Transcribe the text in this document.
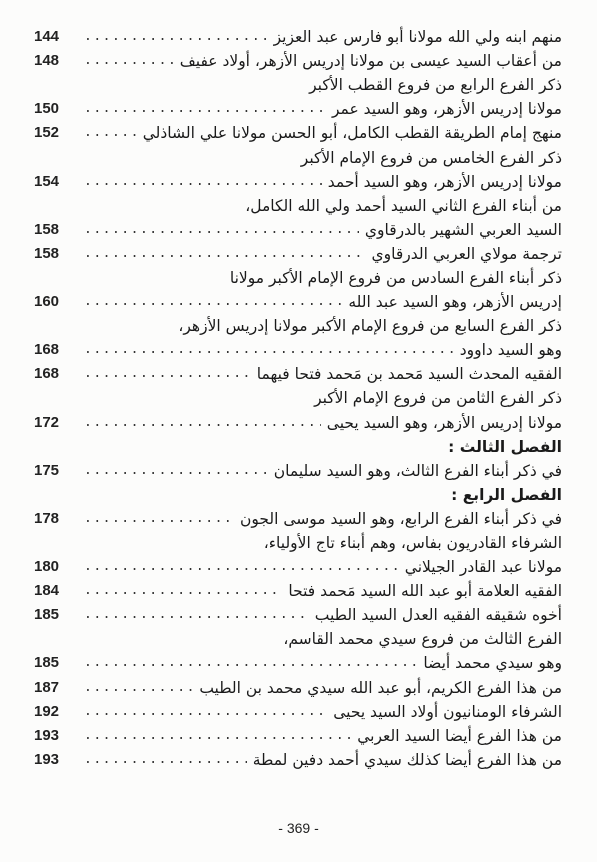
منهم ابنه ولي الله مولانا أبو فارس عبد العزيز
.....
144
من أعقاب السيد عيسى بن مولانا إدريس الأزهر، أولاد عفيف
.....
148
ذكر الفرع الرابع من فروع القطب الأكبر
مولانا إدريس الأزهر، وهو السيد عمر
.....
150
منهج إمام الطريقة القطب الكامل، أبو الحسن مولانا علي الشاذلي
.....
152
ذكر الفرع الخامس من فروع الإمام الأكبر
مولانا إدريس الأزهر، وهو السيد أحمد
.....
154
من أبناء الفرع الثاني السيد أحمد ولي الله الكامل،
السيد العربي الشهير بالدرقاوي
.....
158
ترجمة مولاي العربي الدرقاوي
.....
158
ذكر أبناء الفرع السادس من فروع الإمام الأكبر مولانا
إدريس الأزهر، وهو السيد عبد الله
.....
160
ذكر الفرع السابع من فروع الإمام الأكبر مولانا إدريس الأزهر،
وهو السيد داوود
.....
168
الفقيه المحدث السيد مَحمد بن مَحمد فتحا فيهما
.....
168
ذكر الفرع الثامن من فروع الإمام الأكبر
مولانا إدريس الأزهر، وهو السيد يحيى
.....
172
الفصل الثالث :
في ذكر أبناء الفرع الثالث، وهو السيد سليمان
.....
175
الفصل الرابع :
في ذكر أبناء الفرع الرابع، وهو السيد موسى الجون
.....
178
الشرفاء القادريون بفاس، وهم أبناء تاج الأولياء،
مولانا عبد القادر الجيلاني
.....
180
الفقيه العلامة أبو عبد الله السيد مَحمد فتحا
.....
184
أخوه شقيقه الفقيه العدل السيد الطيب
.....
185
الفرع الثالث من فروع سيدي محمد القاسم،
وهو سيدي محمد أيضا
.....
185
من هذا الفرع الكريم، أبو عبد الله سيدي محمد بن الطيب
.....
187
الشرفاء الومنانيون أولاد السيد يحيى
.....
192
من هذا الفرع أيضا السيد العربي
.....
193
من هذا الفرع أيضا كذلك سيدي أحمد دفين لمطة
.....
193
- 369 -
